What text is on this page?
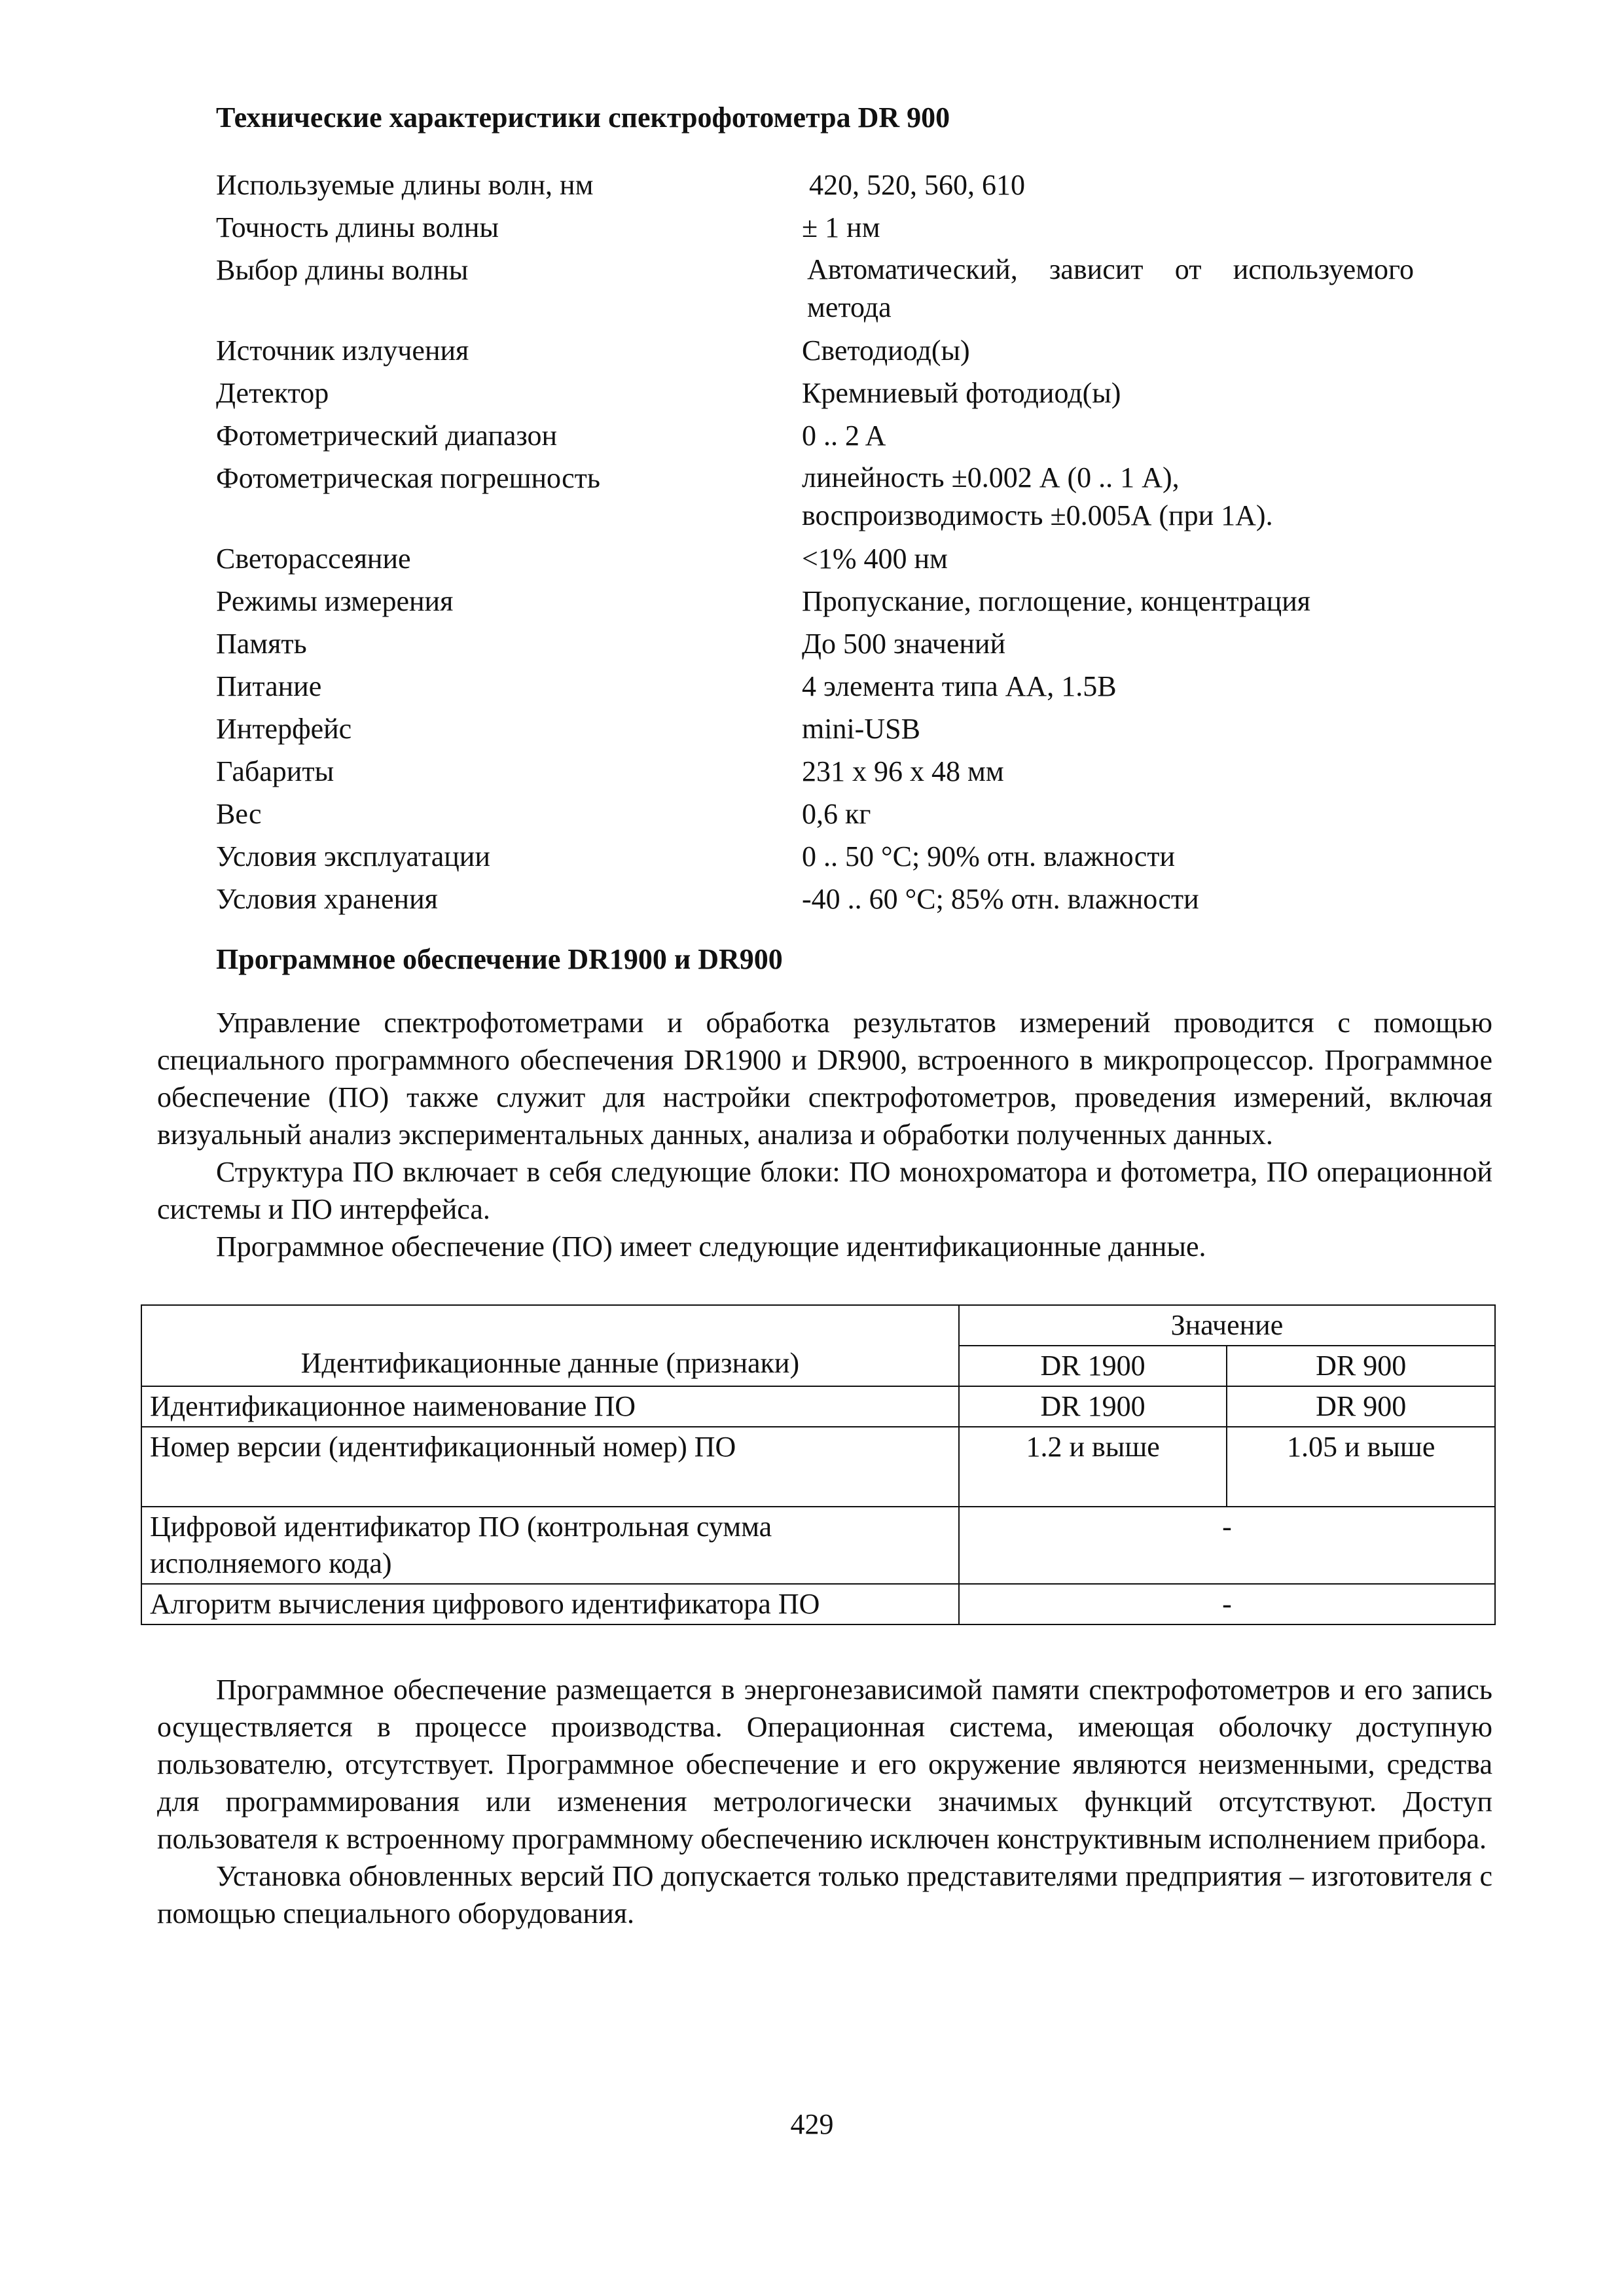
Технические характеристики спектрофотометра DR 900
Используемые длины волн, нм	420, 520, 560, 610
Точность длины волны	± 1 нм
Выбор длины волны	Автоматический, зависит от используемого метода
Источник излучения	Светодиод(ы)
Детектор	Кремниевый фотодиод(ы)
Фотометрический диапазон	0 .. 2 A
Фотометрическая погрешность	линейность ±0.002 А (0 .. 1 А), воспроизводимость ±0.005А (при 1А).
Светорассеяние	<1% 400 нм
Режимы измерения	Пропускание, поглощение, концентрация
Память	До 500 значений
Питание	4 элемента типа AA, 1.5В
Интерфейс	mini-USB
Габариты	231 x 96 x 48 мм
Вес	0,6 кг
Условия эксплуатации	0 .. 50 °C; 90% отн. влажности
Условия хранения	-40 .. 60 °C; 85% отн. влажности
Программное обеспечение DR1900 и DR900

Управление спектрофотометрами и обработка результатов измерений проводится с помощью специального программного обеспечения DR1900 и DR900, встроенного в микропроцессор. Программное обеспечение (ПО) также служит для настройки спектрофотометров, проведения измерений, включая визуальный анализ экспериментальных данных, анализа и обработки полученных данных.

Структура ПО включает в себя следующие блоки: ПО монохроматора и фотометра, ПО операционной системы и ПО интерфейса.

Программное обеспечение (ПО) имеет следующие идентификационные данные.

Идентификационные данные (признаки)	Значение	
	DR 1900	DR 900
Идентификационное наименование ПО	DR 1900	DR 900
Номер версии (идентификационный номер) ПО	1.2 и выше	1.05 и выше
Цифровой идентификатор ПО (контрольная сумма исполняемого кода)	-	
Алгоритм вычисления цифрового идентификатора ПО	-	

Программное обеспечение размещается в энергонезависимой памяти спектрофотометров и его запись осуществляется в процессе производства. Операционная система, имеющая оболочку доступную пользователю, отсутствует. Программное обеспечение и его окружение являются неизменными, средства для программирования или изменения метрологически значимых функций отсутствуют. Доступ пользователя к встроенному программному обеспечению исключен конструктивным исполнением прибора.

Установка обновленных версий ПО допускается только представителями предприятия – изготовителя с помощью специального оборудования.

429
